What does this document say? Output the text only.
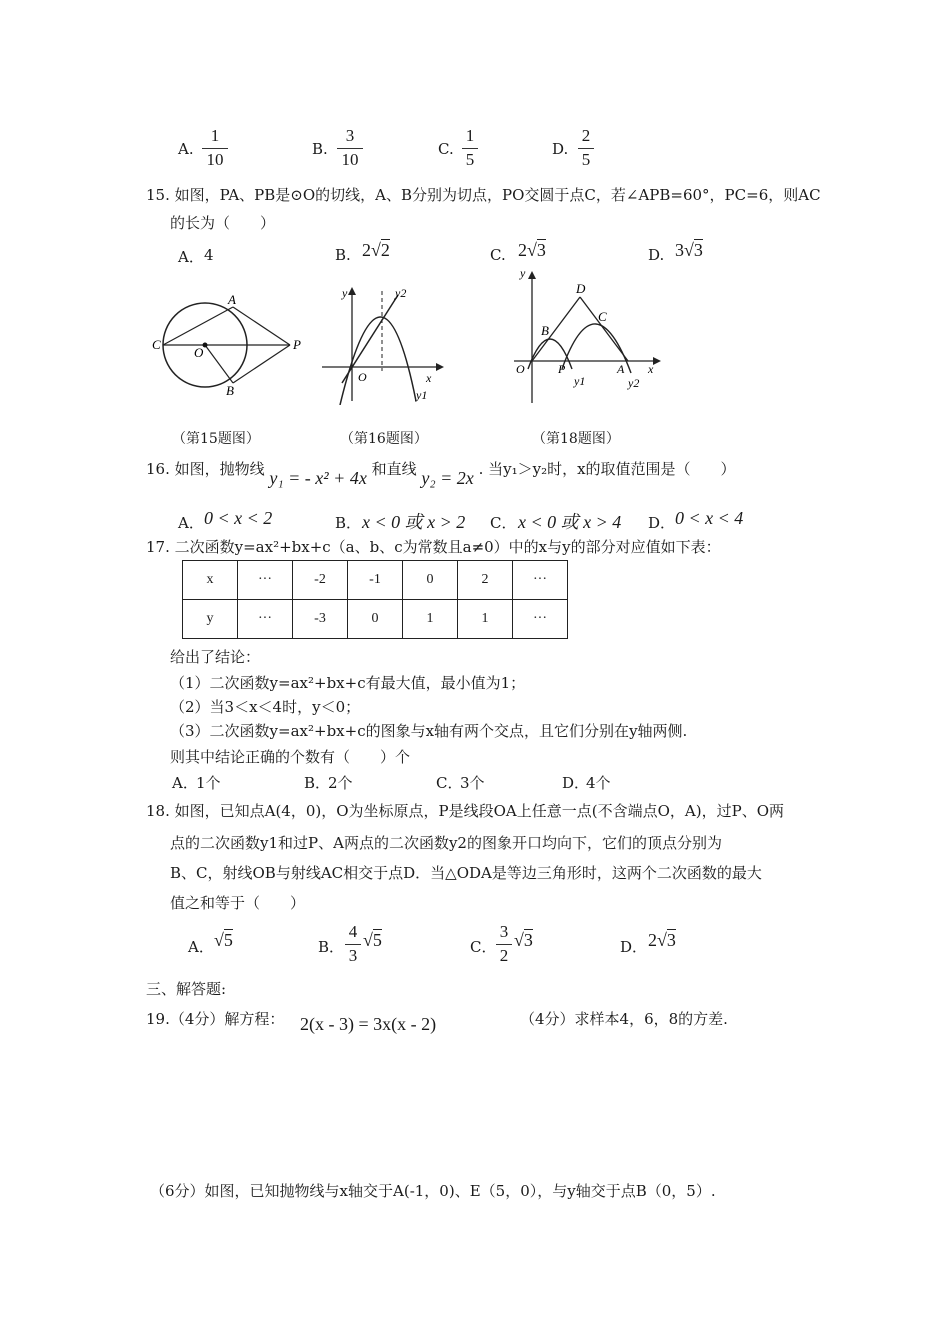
A.
1
10
B.
3
10
C.
1
5
D.
2
5
15. 如图，PA、PB是⊙O的切线，A、B分别为切点，PO交圆于点C，若∠APB=60°，PC=6，则AC
的长为（　　）
A． 4	B. 2√2	C. 2√3	D. 3√3
A
B
C
O
P
y	y2
O	x
y1
y
D
B
C
O	P
y1
A
y2
x
（第15题图）	（第16题图）	（第18题图）
16. 如图，抛物线 y₁ = - x² + 4x 和直线 y₂ = 2x . 当y₁＞y₂时，x的取值范围是（　　）
A． 0 < x < 2	B． x < 0 或 x > 2 C． x < 0 或 x > 4 D． 0 < x < 4
17. 二次函数y=ax²+bx+c（a、b、c为常数且a≠0）中的x与y的部分对应值如下表：
x	···	-2	-1	0	2	···
y	···	-3	0	1	1	···
给出了结论：
（1）二次函数y=ax²+bx+c有最大值，最小值为1；
（2）当3＜x＜4时，y＜0；
（3）二次函数y=ax²+bx+c的图象与x轴有两个交点，且它们分别在y轴两侧.
则其中结论正确的个数有（　　）个
A．
1个	B．
2个	C．
3个	D．
4个
18. 如图，已知点A(4，0)，O为坐标原点，P是线段OA上任意一点(不含端点O，A)，过P、O两
点的二次函数y1和过P、A两点的二次函数y2的图象开口均向下，它们的顶点分别为
B、C，射线OB与射线AC相交于点D．当△ODA是等边三角形时，这两个二次函数的最大
值之和等于（　　）
A． √5	B．
4
3
√5	C．
3
2
√3	D． 2√3
三、解答题:
19.（4分）解方程： 2(x - 3) = 3x(x - 2)	（4分）求样本4，6，8的方差.
（6分）如图，已知抛物线与x轴交于A(-1，0)、E（5，0），与y轴交于点B（0，5）.
